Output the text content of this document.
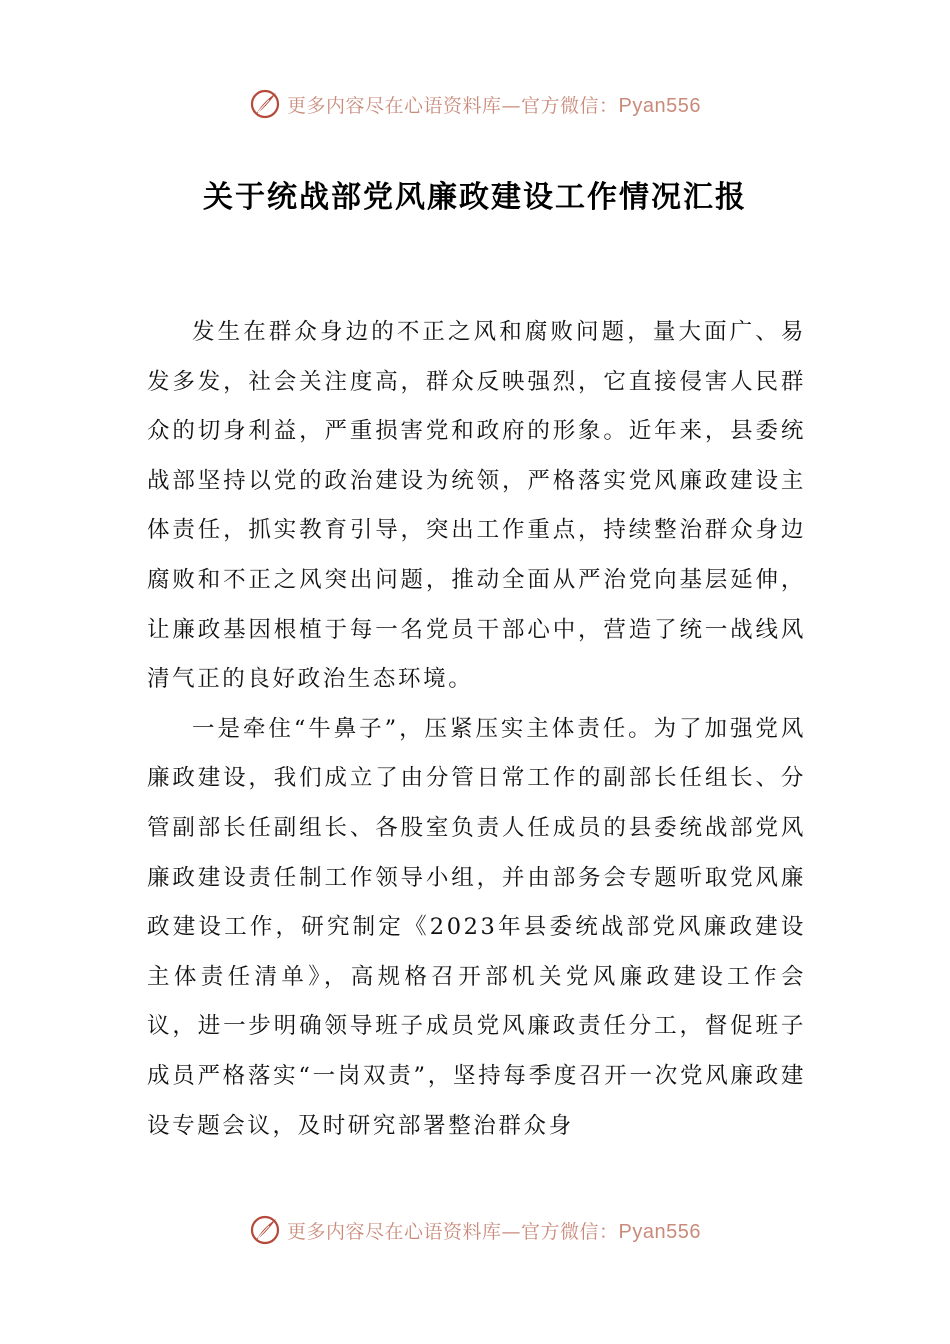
更多内容尽在心语资料库—官方微信：Pyan556
关于统战部党风廉政建设工作情况汇报

发生在群众身边的不正之风和腐败问题，量大面广、易发多发，社会关注度高，群众反映强烈，它直接侵害人民群众的切身利益，严重损害党和政府的形象。近年来，县委统战部坚持以党的政治建设为统领，严格落实党风廉政建设主体责任，抓实教育引导，突出工作重点，持续整治群众身边腐败和不正之风突出问题，推动全面从严治党向基层延伸，让廉政基因根植于每一名党员干部心中，营造了统一战线风清气正的良好政治生态环境。

一是牵住“牛鼻子”，压紧压实主体责任。为了加强党风廉政建设，我们成立了由分管日常工作的副部长任组长、分管副部长任副组长、各股室负责人任成员的县委统战部党风廉政建设责任制工作领导小组，并由部务会专题听取党风廉政建设工作，研究制定《2023年县委统战部党风廉政建设主体责任清单》，高规格召开部机关党风廉政建设工作会议，进一步明确领导班子成员党风廉政责任分工，督促班子成员严格落实“一岗双责”，坚持每季度召开一次党风廉政建设专题会议，及时研究部署整治群众身

更多内容尽在心语资料库—官方微信：Pyan556
